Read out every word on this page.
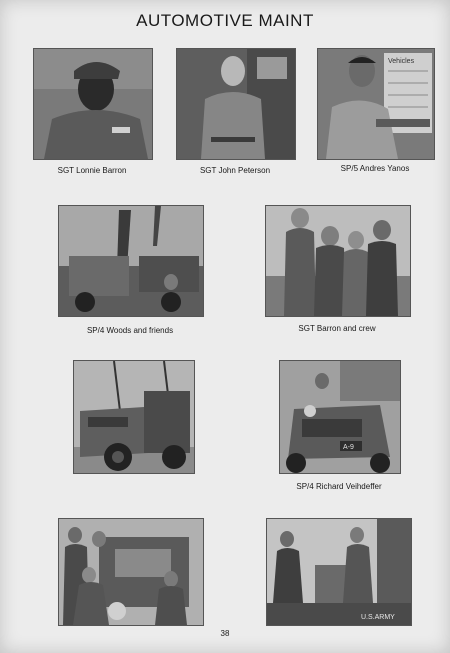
AUTOMOTIVE MAINT
SGT Lonnie Barron	SGT John Peterson
Vehicles
SP/5 Andres Yanos
SP/4 Woods and friends	SGT Barron and crew
A-9
SP/4 Richard Veihdeffer
U.S.ARMY
38
